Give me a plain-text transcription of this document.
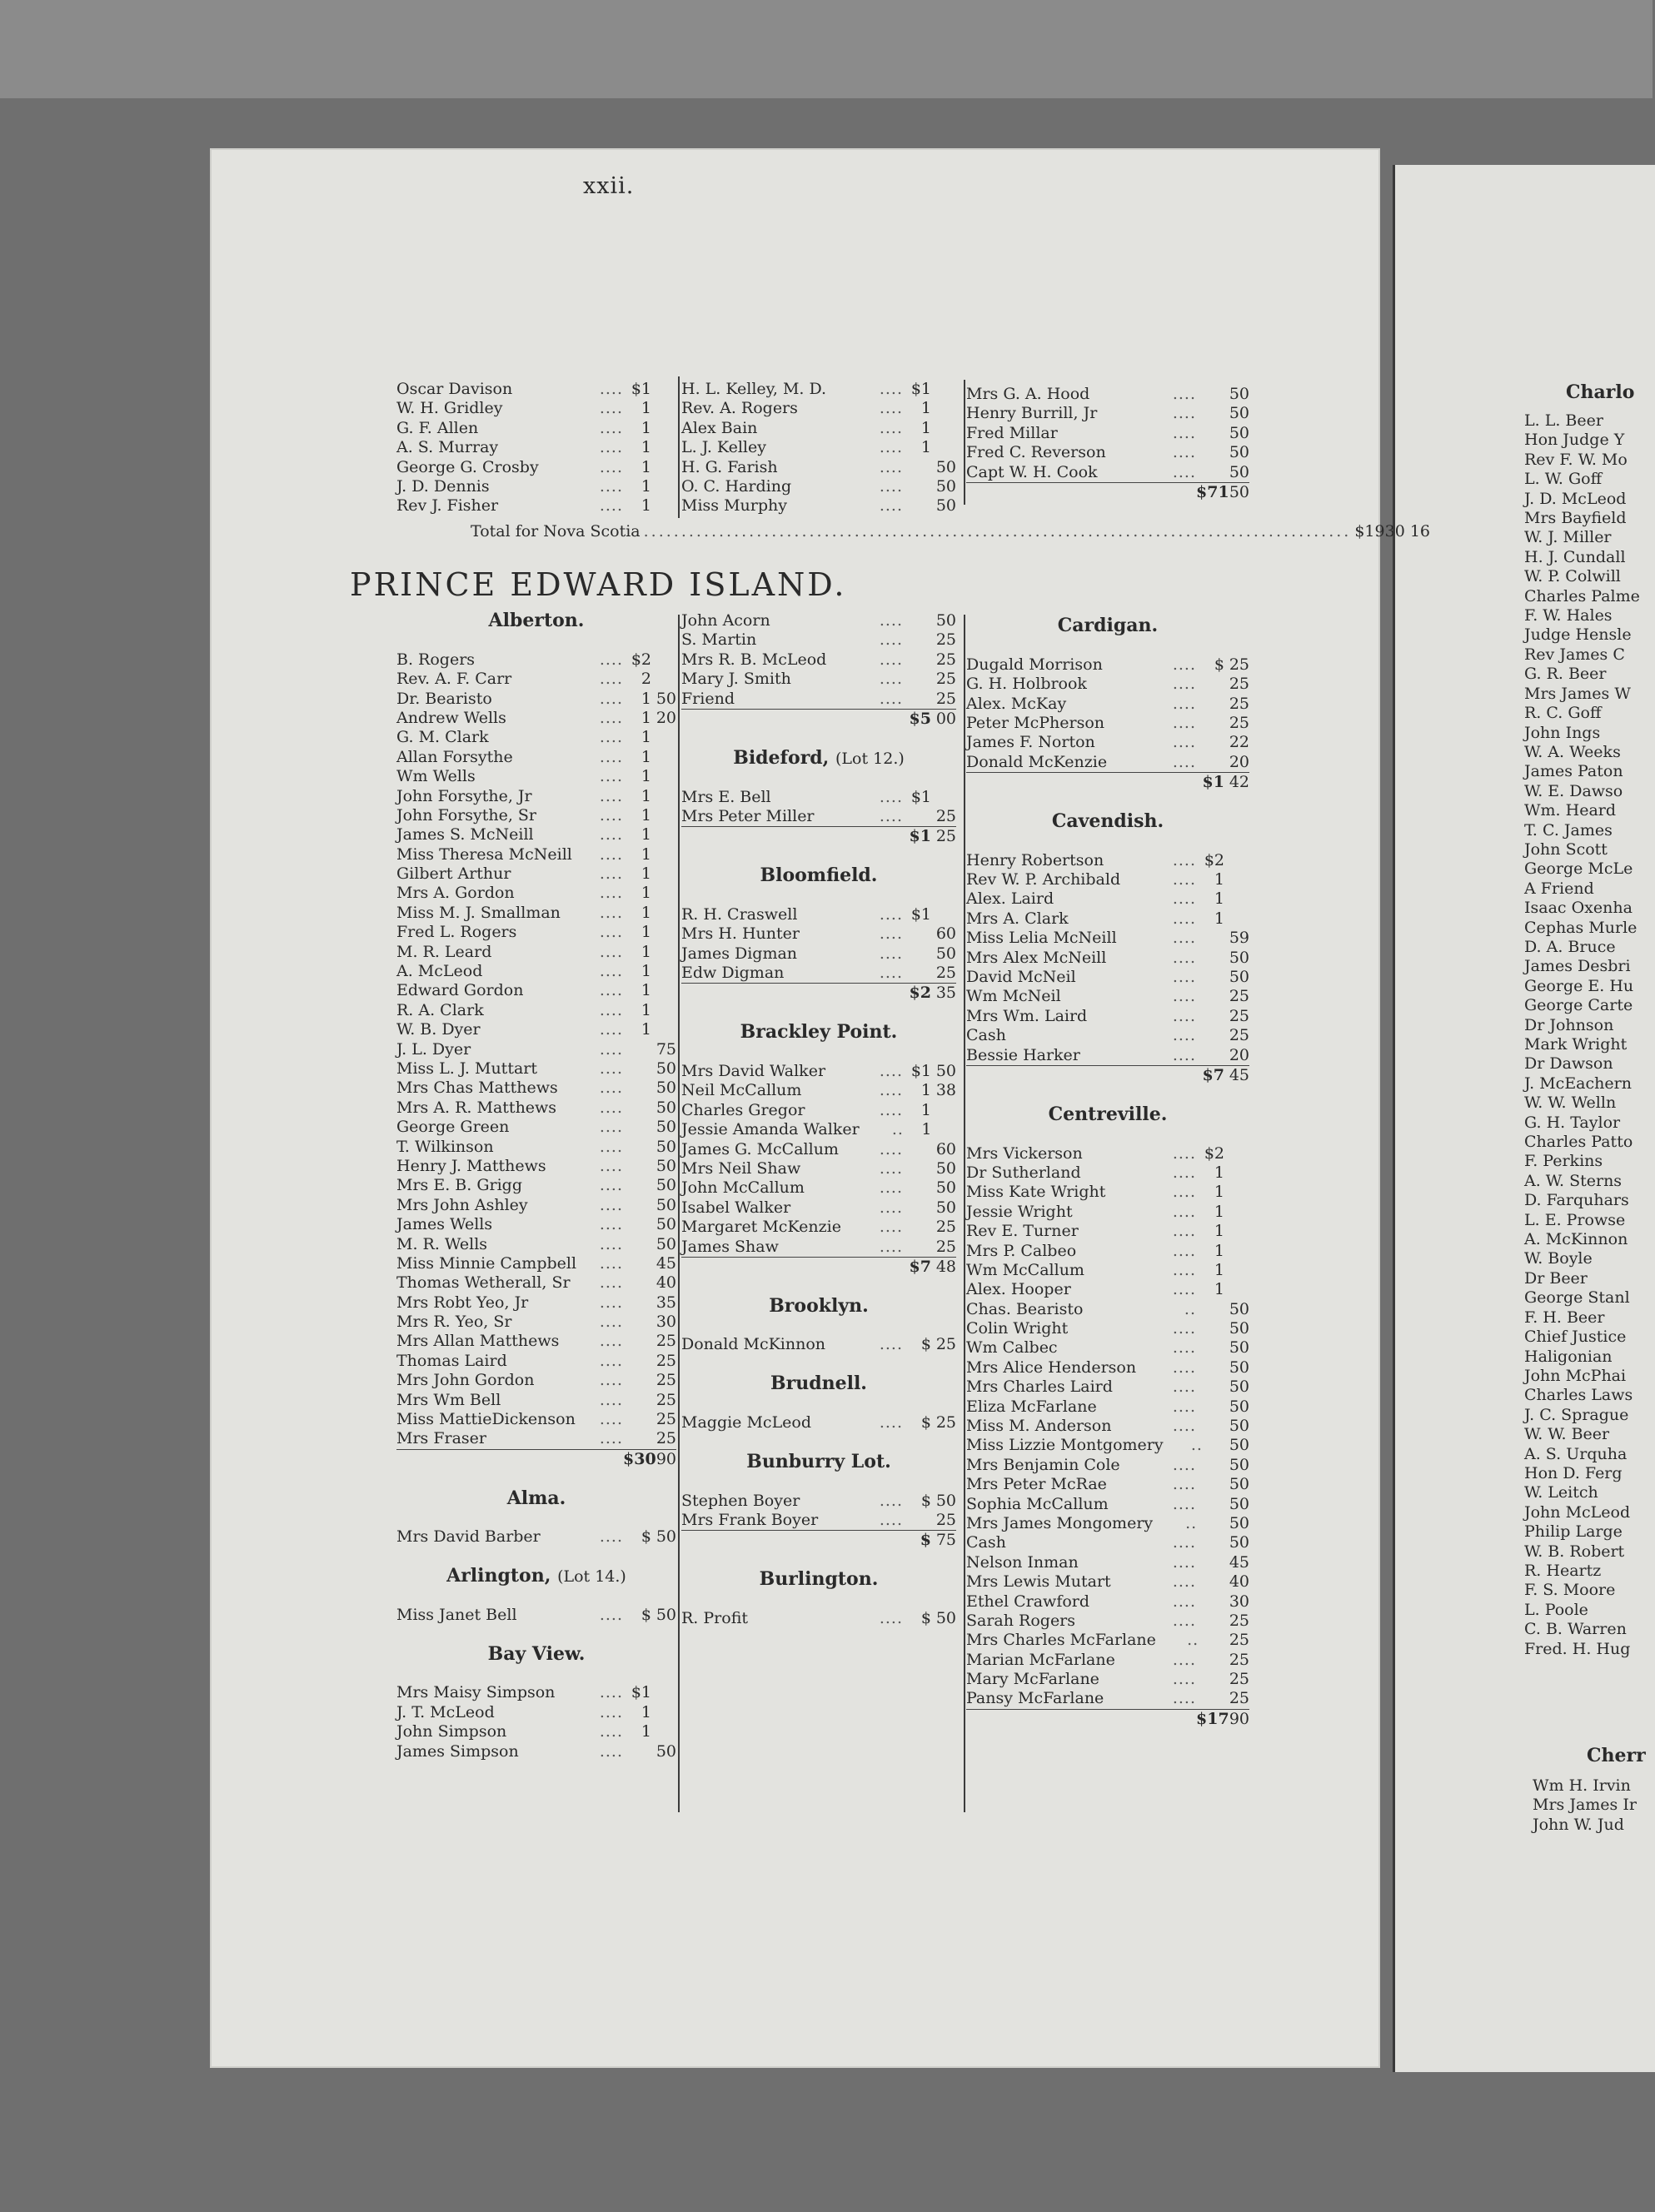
xxii.
Oscar Davison	.... $1
W. H. Gridley	....	1
G. F. Allen	....	1
A. S. Murray	....	1
George G. Crosby	....	1
J. D. Dennis	....	1
Rev J. Fisher	....	1
H. L. Kelley, M. D.	.... $1
Rev. A. Rogers	....	1
Alex Bain	....	1
L. J. Kelley	....	1
H. G. Farish	....	50
O. C. Harding	....	50
Miss Murphy	....	50
Mrs G. A. Hood	....	50
Henry Burrill, Jr	....	50
Fred Millar	....	50
Fred C. Reverson	....	50
Capt W. H. Cook	....	50
$71 50
Total for Nova Scotia .............................................................................................. $1930 16
PRINCE EDWARD ISLAND.
Alberton.
B. Rogers	.... $2
Rev. A. F. Carr	....	2
Dr. Bearisto	....	1 50
Andrew Wells	....	1 20
G. M. Clark	....	1
Allan Forsythe	....	1
Wm Wells	....	1
John Forsythe, Jr	....	1
John Forsythe, Sr	....	1
James S. McNeill	....	1
Miss Theresa McNeill	....	1
Gilbert Arthur	....	1
Mrs A. Gordon	....	1
Miss M. J. Smallman	....	1
Fred L. Rogers	....	1
M. R. Leard	....	1
A. McLeod	....	1
Edward Gordon	....	1
R. A. Clark	....	1
W. B. Dyer	....	1
J. L. Dyer	....	75
Miss L. J. Muttart	....	50
Mrs Chas Matthews	....	50
Mrs A. R. Matthews	....	50
George Green	....	50
T. Wilkinson	....	50
Henry J. Matthews	....	50
Mrs E. B. Grigg	....	50
Mrs John Ashley	....	50
James Wells	....	50
M. R. Wells	....	50
Miss Minnie Campbell	....	45
Thomas Wetherall, Sr	....	40
Mrs Robt Yeo, Jr	....	35
Mrs R. Yeo, Sr	....	30
Mrs Allan Matthews	....	25
Thomas Laird	....	25
Mrs John Gordon	....	25
Mrs Wm Bell	....	25
Miss MattieDickenson	....	25
Mrs Fraser	....	25
$30 90
Alma.
Mrs David Barber	....	$ 50
Arlington, (Lot 14.)
Miss Janet Bell	....	$ 50
Bay View.
Mrs Maisy Simpson	.... $1
J. T. McLeod	....	1
John Simpson	....	1
James Simpson	....	50
John Acorn	....	50
S. Martin	....	25
Mrs R. B. McLeod	....	25
Mary J. Smith	....	25
Friend	....	25
$5 00
Bideford, (Lot 12.)
Mrs E. Bell	.... $1
Mrs Peter Miller	....	25
$1 25
Bloomfield.
R. H. Craswell	.... $1
Mrs H. Hunter	....	60
James Digman	....	50
Edw Digman	....	25
$2 35
Brackley Point.
Mrs David Walker	.... $1 50
Neil McCallum	....	1 38
Charles Gregor	....	1
Jessie Amanda Walker	..	1
James G. McCallum	....	60
Mrs Neil Shaw	....	50
John McCallum	....	50
Isabel Walker	....	50
Margaret McKenzie	....	25
James Shaw	....	25
$7 48
Brooklyn.
Donald McKinnon	....	$ 25
Brudnell.
Maggie McLeod	....	$ 25
Bunburry Lot.
Stephen Boyer	....	$ 50
Mrs Frank Boyer	....	25
$ 75
Burlington.
R. Profit	....	$ 50
Cardigan.
Dugald Morrison	....	$ 25
G. H. Holbrook	....	25
Alex. McKay	....	25
Peter McPherson	....	25
James F. Norton	....	22
Donald McKenzie	....	20
$1 42
Cavendish.
Henry Robertson	.... $2
Rev W. P. Archibald	....	1
Alex. Laird	....	1
Mrs A. Clark	....	1
Miss Lelia McNeill	....	59
Mrs Alex McNeill	....	50
David McNeil	....	50
Wm McNeil	....	25
Mrs Wm. Laird	....	25
Cash	....	25
Bessie Harker	....	20
$7 45
Centreville.
Mrs Vickerson	.... $2
Dr Sutherland	....	1
Miss Kate Wright	....	1
Jessie Wright	....	1
Rev E. Turner	....	1
Mrs P. Calbeo	....	1
Wm McCallum	....	1
Alex. Hooper	....	1
Chas. Bearisto	..	50
Colin Wright	....	50
Wm Calbec	....	50
Mrs Alice Henderson	....	50
Mrs Charles Laird	....	50
Eliza McFarlane	....	50
Miss M. Anderson	....	50
Miss Lizzie Montgomery	.. 50
Mrs Benjamin Cole	....	50
Mrs Peter McRae	....	50
Sophia McCallum	....	50
Mrs James Mongomery	.. 50
Cash	....	50
Nelson Inman	....	45
Mrs Lewis Mutart	....	40
Ethel Crawford	....	30
Sarah Rogers	....	25
Mrs Charles McFarlane	.. 25
Marian McFarlane	....	25
Mary McFarlane	....	25
Pansy McFarlane	....	25
$17 90
Charlo
L. L. Beer
Hon Judge Y
Rev F. W. Mo
L. W. Goff
J. D. McLeod
Mrs Bayfield
W. J. Miller
H. J. Cundall
W. P. Colwill
Charles Palme
F. W. Hales
Judge Hensle
Rev James C
G. R. Beer
Mrs James W
R. C. Goff
John Ings
W. A. Weeks
James Paton
W. E. Dawso
Wm. Heard
T. C. James
John Scott
George McLe
A Friend
Isaac Oxenha
Cephas Murle
D. A. Bruce
James Desbri
George E. Hu
George Carte
Dr Johnson
Mark Wright
Dr Dawson
J. McEachern
W. W. Welln
G. H. Taylor
Charles Patto
F. Perkins
A. W. Sterns
D. Farquhars
L. E. Prowse
A. McKinnon
W. Boyle
Dr Beer
George Stanl
F. H. Beer
Chief Justice
Haligonian
John McPhai
Charles Laws
J. C. Sprague
W. W. Beer
A. S. Urquha
Hon D. Ferg
W. Leitch
John McLeod
Philip Large
W. B. Robert
R. Heartz
F. S. Moore
L. Poole
C. B. Warren
Fred. H. Hug
Cherr
Wm H. Irvin
Mrs James Ir
John W. Jud
